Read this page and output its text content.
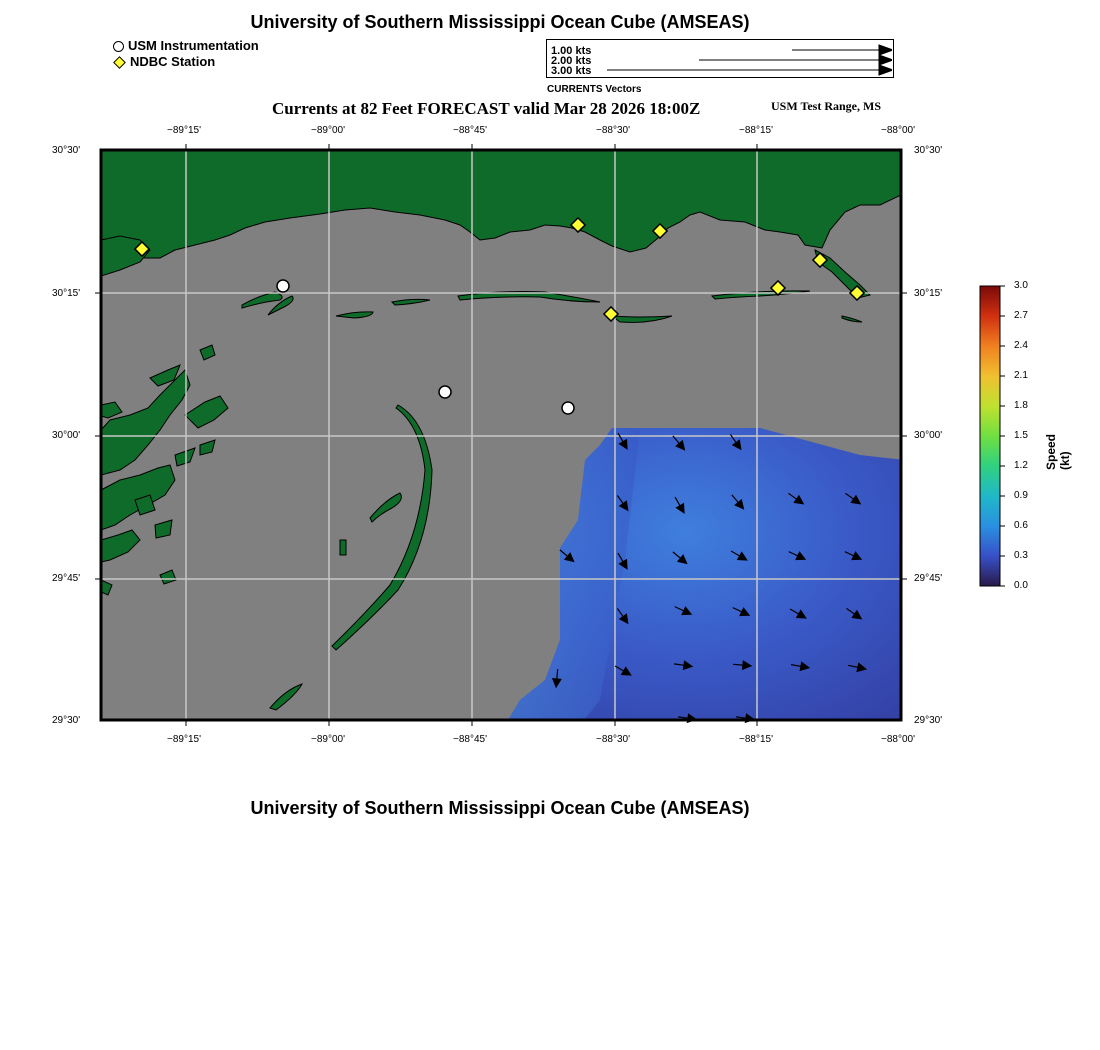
University of Southern Mississippi Ocean Cube (AMSEAS)
USM Instrumentation
NDBC Station
1.00 kts
2.00 kts
3.00 kts
CURRENTS Vectors
Currents at 82 Feet FORECAST valid Mar 28 2026 18:00Z	USM Test Range, MS
−89°15'	−89°00'	−88°45'	−88°30'	−88°15'	−88°00'
−89°15'	−89°00'	−88°45'	−88°30'	−88°15'	−88°00'
30°30'
30°15'
30°00'
29°45'
29°30'
30°30'
30°15'
30°00'
29°45'
29°30'
3.0
2.7
2.4
2.1
1.8
1.5
1.2
0.9
0.6
0.3
0.0
Speed (kt)
University of Southern Mississippi Ocean Cube (AMSEAS)
